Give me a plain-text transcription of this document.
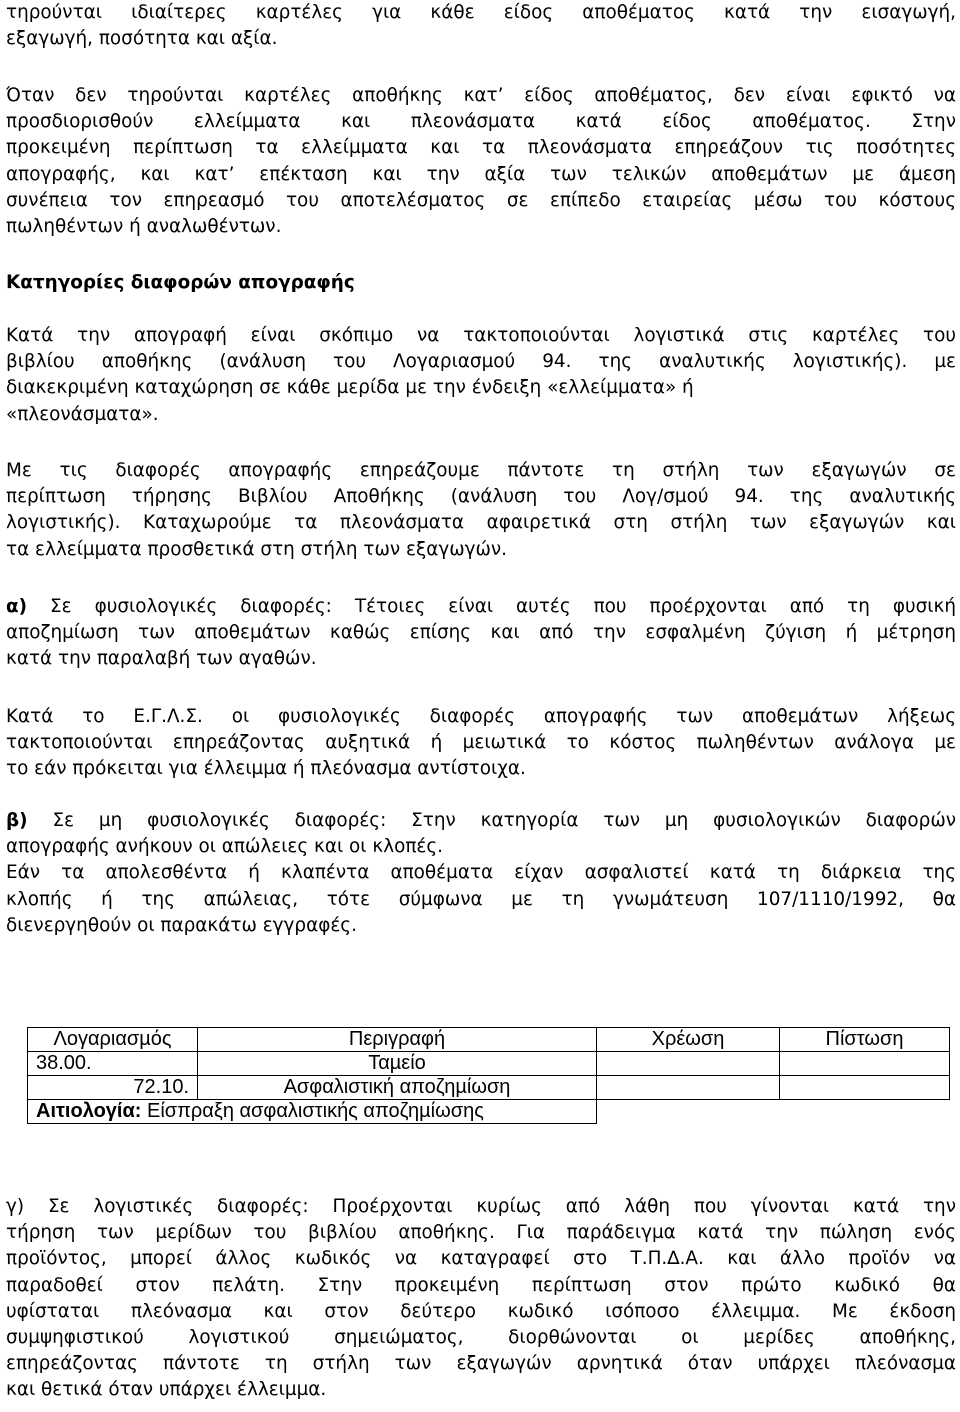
τηρούνται ιδιαίτερες καρτέλες για κάθε είδος αποθέµατος κατά την εισαγωγή,
εξαγωγή, ποσότητα και αξία.
Όταν δεν τηρούνται καρτέλες αποθήκης κατ’ είδος αποθέµατος, δεν είναι εφικτό να
προσδιορισθούν ελλείµµατα και πλεονάσµατα κατά είδος αποθέµατος. Στην
προκειµένη περίπτωση τα ελλείµµατα και τα πλεονάσµατα επηρεάζουν τις ποσότητες
απογραφής, και κατ’ επέκταση και την αξία των τελικών αποθεµάτων µε άµεση
συνέπεια τον επηρεασµό του αποτελέσµατος σε επίπεδο εταιρείας µέσω του κόστους
πωληθέντων ή αναλωθέντων.
Κατηγορίες διαφορών απογραφής
Κατά την απογραφή είναι σκόπιµο να τακτοποιούνται λογιστικά στις καρτέλες του
βιβλίου αποθήκης (ανάλυση του Λογαριασµού 94. της αναλυτικής λογιστικής). µε
διακεκριµένη καταχώρηση σε κάθε µερίδα µε την ένδειξη «ελλείµµατα» ή
«πλεονάσµατα».
Με τις διαφορές απογραφής επηρεάζουµε πάντοτε τη στήλη των εξαγωγών σε
περίπτωση τήρησης Βιβλίου Αποθήκης (ανάλυση του Λογ/σµού 94. της αναλυτικής
λογιστικής). Καταχωρούµε τα πλεονάσµατα αφαιρετικά στη στήλη των εξαγωγών και
τα ελλείµµατα προσθετικά στη στήλη των εξαγωγών.
α) Σε φυσιολογικές διαφορές: Τέτοιες είναι αυτές που προέρχονται από τη φυσική
αποζηµίωση των αποθεµάτων καθώς επίσης και από την εσφαλµένη ζύγιση ή µέτρηση
κατά την παραλαβή των αγαθών.
Κατά το Ε.Γ.Λ.Σ. οι φυσιολογικές διαφορές απογραφής των αποθεµάτων λήξεως
τακτοποιούνται επηρεάζοντας αυξητικά ή µειωτικά το κόστος πωληθέντων ανάλογα µε
το εάν πρόκειται για έλλειµµα ή πλεόνασµα αντίστοιχα.
β) Σε µη φυσιολογικές διαφορές: Στην κατηγορία των µη φυσιολογικών διαφορών
απογραφής ανήκουν οι απώλειες και οι κλοπές.
Εάν τα απολεσθέντα ή κλαπέντα αποθέµατα είχαν ασφαλιστεί κατά τη διάρκεια της
κλοπής ή της απώλειας, τότε σύµφωνα µε τη γνωµάτευση 107/1110/1992, θα
διενεργηθούν οι παρακάτω εγγραφές.
γ) Σε λογιστικές διαφορές: Προέρχονται κυρίως από λάθη που γίνονται κατά την
τήρηση των µερίδων του βιβλίου αποθήκης. Για παράδειγµα κατά την πώληση ενός
προϊόντος, µπορεί άλλος κωδικός να καταγραφεί στο Τ.Π.∆.Α. και άλλο προϊόν να
παραδοθεί στον πελάτη. Στην προκειµένη περίπτωση στον πρώτο κωδικό θα
υφίσταται πλεόνασµα και στον δεύτερο κωδικό ισόποσο έλλειµµα. Με έκδοση
συµψηφιστικού λογιστικού σηµειώµατος, διορθώνονται οι µερίδες αποθήκης,
επηρεάζοντας πάντοτε τη στήλη των εξαγωγών αρνητικά όταν υπάρχει πλεόνασµα
και θετικά όταν υπάρχει έλλειµµα.
Λογαριασµός	Περιγραφή	Χρέωση	Πίστωση
38.00.	Ταµείο		
72.10.	Ασφαλιστική αποζηµίωση		
Αιτιολογία: Είσπραξη ασφαλιστικής αποζηµίωσης			
